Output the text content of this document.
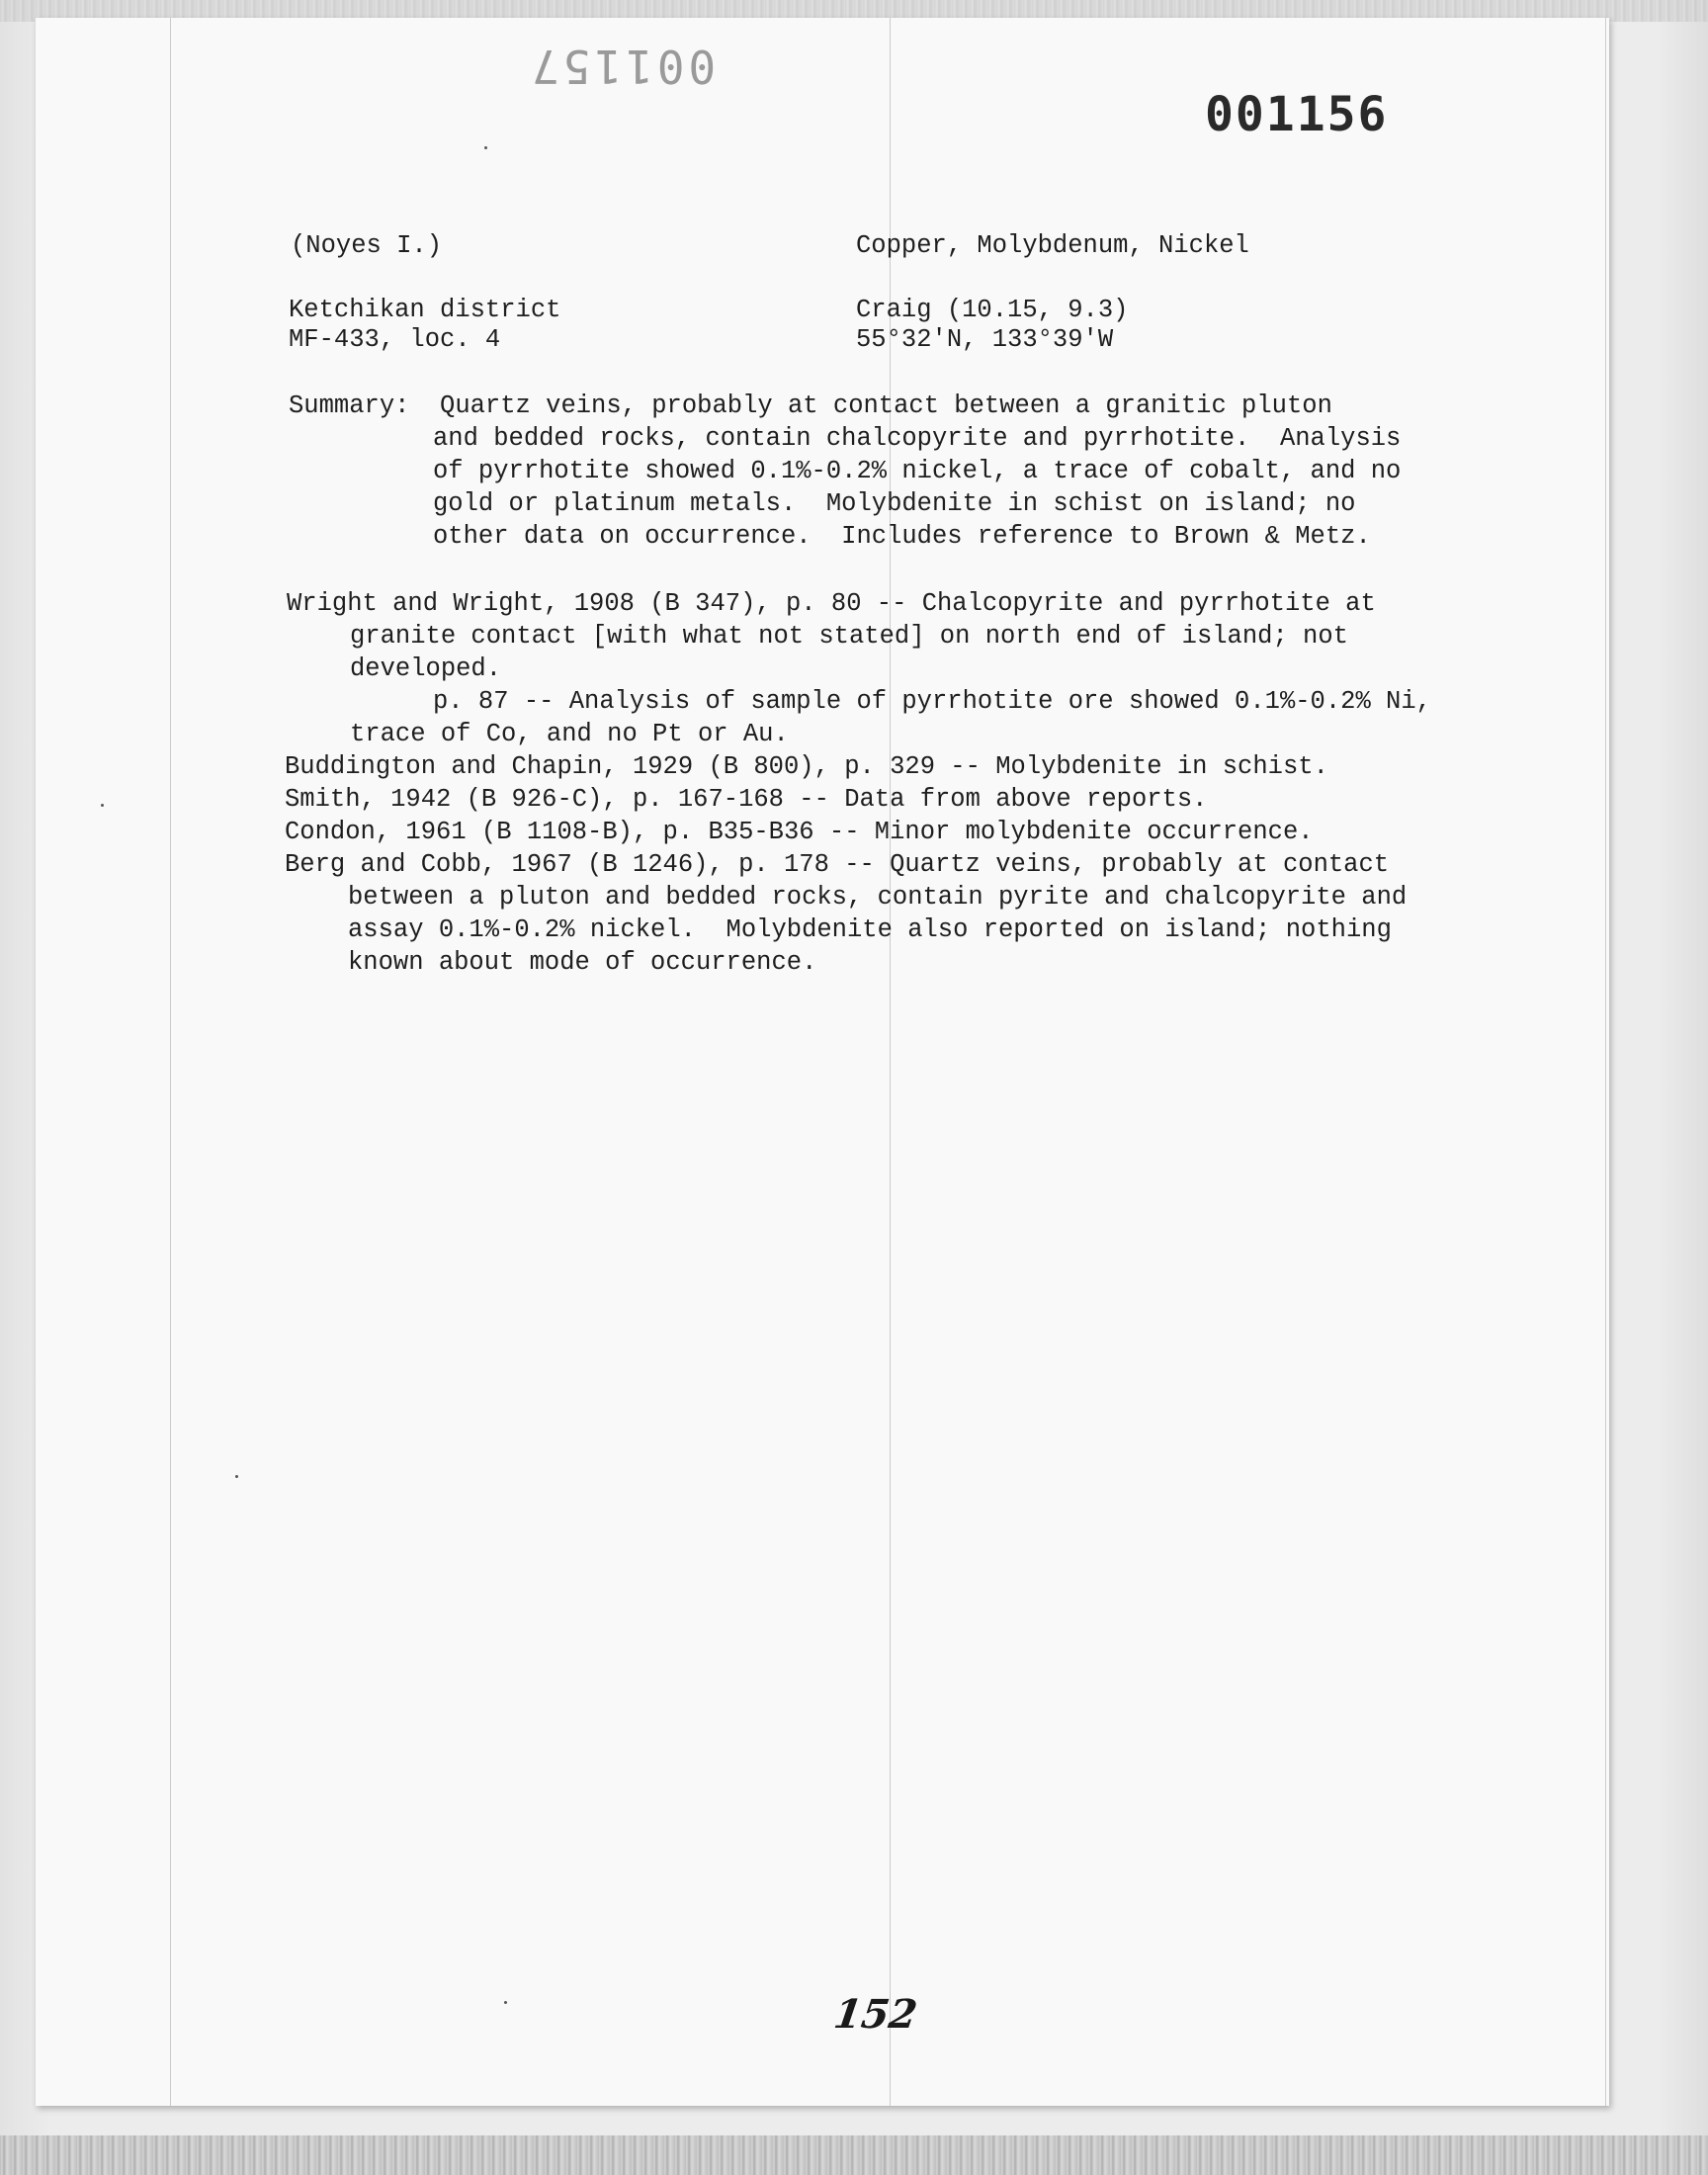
001157
001156
(Noyes I.)	Copper, Molybdenum, Nickel
Ketchikan district	Craig (10.15, 9.3)
MF-433, loc. 4	55°32'N, 133°39'W
Summary:  Quartz veins, probably at contact between a granitic pluton
and bedded rocks, contain chalcopyrite and pyrrhotite.  Analysis
of pyrrhotite showed 0.1%-0.2% nickel, a trace of cobalt, and no
gold or platinum metals.  Molybdenite in schist on island; no
other data on occurrence.  Includes reference to Brown & Metz.
Wright and Wright, 1908 (B 347), p. 80 -- Chalcopyrite and pyrrhotite at
granite contact [with what not stated] on north end of island; not
developed.
p. 87 -- Analysis of sample of pyrrhotite ore showed 0.1%-0.2% Ni,
trace of Co, and no Pt or Au.
Buddington and Chapin, 1929 (B 800), p. 329 -- Molybdenite in schist.
Smith, 1942 (B 926-C), p. 167-168 -- Data from above reports.
Condon, 1961 (B 1108-B), p. B35-B36 -- Minor molybdenite occurrence.
Berg and Cobb, 1967 (B 1246), p. 178 -- Quartz veins, probably at contact
between a pluton and bedded rocks, contain pyrite and chalcopyrite and
assay 0.1%-0.2% nickel.  Molybdenite also reported on island; nothing
known about mode of occurrence.
152
